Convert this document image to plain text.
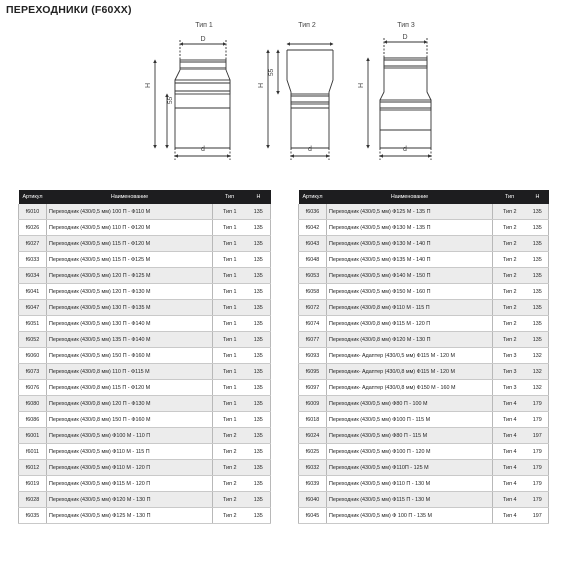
ПЕРЕХОДНИКИ (F60XX)
Тип 1
D
d
H
55
Тип 2
d
55
H
Тип 3
D
d
H
Артикул	Наименование	Тип	H
f6010	Переходник (430/0,5 мм) 100 П - Ф110 М	Тип 1	135
f6026	Переходник (430/0,5 мм) 110 П - Ф120 М	Тип 1	135
f6027	Переходник (430/0,5 мм) 115 П - Ф120 М	Тип 1	135
f6033	Переходник (430/0,5 мм) 115 П - Ф125 М	Тип 1	135
f6034	Переходник (430/0,5 мм) 120 П - Ф125 М	Тип 1	135
f6041	Переходник (430/0,5 мм) 120 П - Ф130 М	Тип 1	135
f6047	Переходник (430/0,5 мм) 130 П - Ф135 М	Тип 1	135
f6051	Переходник (430/0,5 мм) 130 П - Ф140 М	Тип 1	135
f6052	Переходник (430/0,5 мм) 135 П - Ф140 М	Тип 1	135
f6060	Переходник (430/0,5 мм) 150 П - Ф160 М	Тип 1	135
f6073	Переходник (430/0,8 мм) 110 П - Ф115 М	Тип 1	135
f6076	Переходник (430/0,8 мм) 115 П - Ф120 М	Тип 1	135
f6080	Переходник (430/0,8 мм) 120 П - Ф130 М	Тип 1	135
f6086	Переходник (430/0,8 мм) 150 П - Ф160 М	Тип 1	135
f6001	Переходник (430/0,5 мм) Ф100 М - 110 П	Тип 2	135
f6011	Переходник (430/0,5 мм) Ф110 М - 115 П	Тип 2	135
f6012	Переходник (430/0,5 мм) Ф110 М - 120 П	Тип 2	135
f6019	Переходник (430/0,5 мм) Ф115 М - 120 П	Тип 2	135
f6028	Переходник (430/0,5 мм) Ф120 М - 130 П	Тип 2	135
f6035	Переходник (430/0,5 мм) Ф125 М - 130 П	Тип 2	135
Артикул	Наименование	Тип	H
f6036	Переходник (430/0,5 мм) Ф125 М - 135 П	Тип 2	135
f6042	Переходник (430/0,5 мм) Ф130 М - 135 П	Тип 2	135
f6043	Переходник (430/0,5 мм) Ф130 М - 140 П	Тип 2	135
f6048	Переходник (430/0,5 мм) Ф135 М - 140 П	Тип 2	135
f6053	Переходник (430/0,5 мм) Ф140 М - 150 П	Тип 2	135
f6058	Переходник (430/0,5 мм) Ф150 М - 160 П	Тип 2	135
f6072	Переходник (430/0,8 мм) Ф110 М - 115 П	Тип 2	135
f6074	Переходник (430/0,8 мм) Ф115 М - 120 П	Тип 2	135
f6077	Переходник (430/0,8 мм) Ф120 М - 130 П	Тип 2	135
f6093	Переходник- Адаптер (430/0,5 мм) Ф115 М - 120 М	Тип 3	132
f6095	Переходник- Адаптер (430/0,8 мм) Ф115 М - 120 М	Тип 3	132
f6097	Переходник- Адаптер (430/0,8 мм) Ф150 М - 160 М	Тип 3	132
f6009	Переходник (430/0,5 мм) Ф80 П - 100 М	Тип 4	179
f6018	Переходник (430/0,5 мм) Ф100 П - 115 М	Тип 4	179
f6024	Переходник (430/0,5 мм) Ф80 П - 115 М	Тип 4	197
f6025	Переходник (430/0,5 мм) Ф100 П - 120 М	Тип 4	179
f6032	Переходник (430/0,5 мм) Ф110П - 125 М	Тип 4	179
f6039	Переходник (430/0,5 мм) Ф110 П - 130 М	Тип 4	179
f6040	Переходник (430/0,5 мм) Ф115 П - 130 М	Тип 4	179
f6045	Переходник (430/0,5 мм) Ф 100 П - 135 М	Тип 4	197
